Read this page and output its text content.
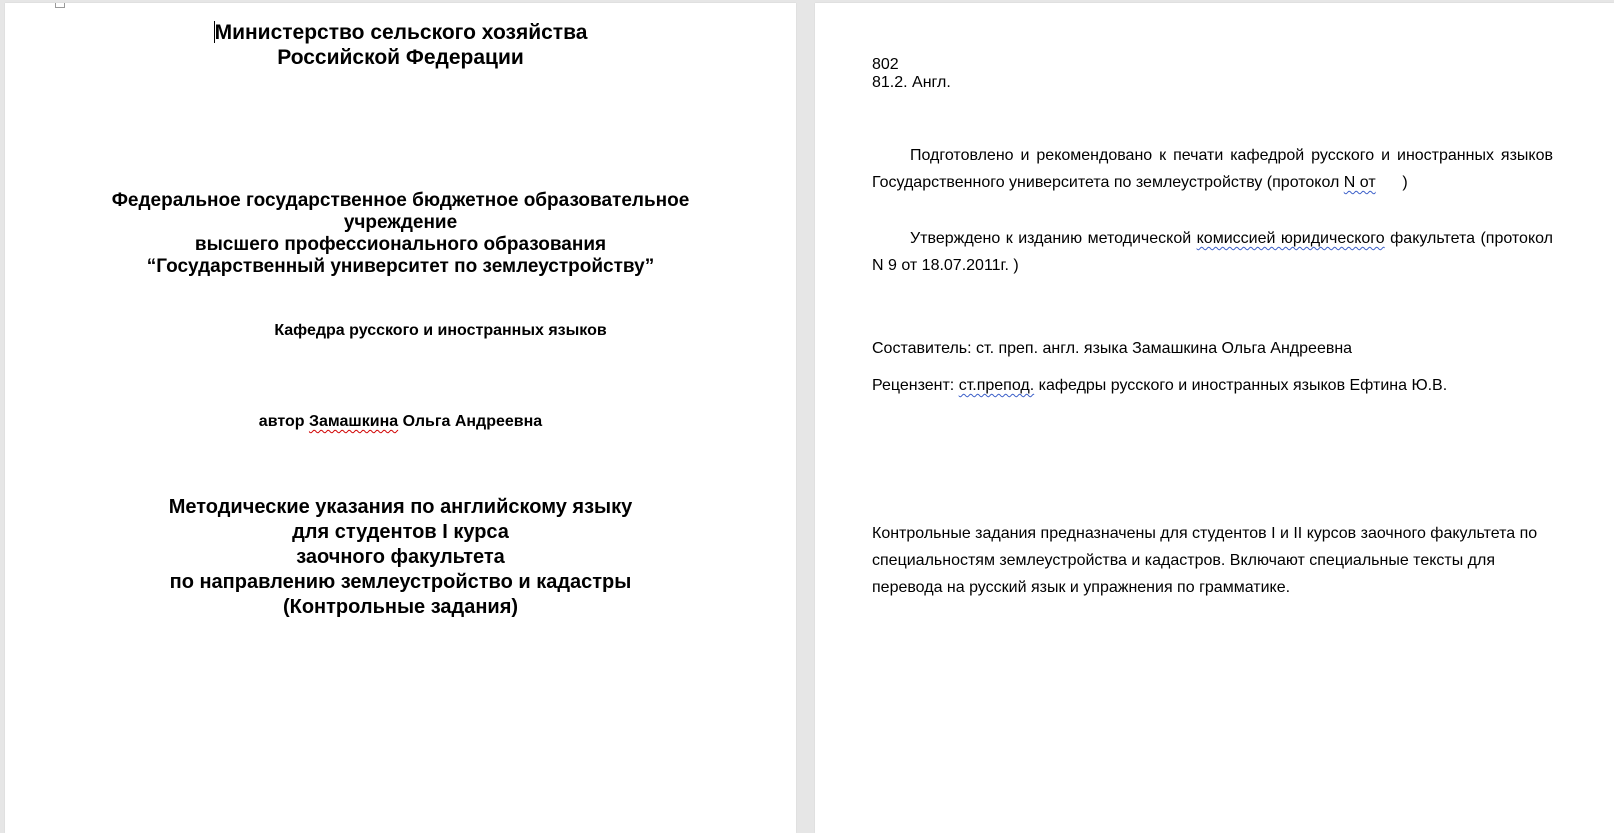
Министерство сельского хозяйства
Российской Федерации
Федеральное государственное бюджетное образовательное
учреждение
высшего профессионального образования
“Государственный университет по землеустройству”
Кафедра русского и иностранных языков
автор Замашкина Ольга Андреевна
Методические указания по английскому языку
для студентов I курса
заочного факультета
по направлению землеустройство и кадастры
(Контрольные задания)
802
81.2. Англ.
Подготовлено и рекомендовано к печати кафедрой русского и иностранных языков Государственного университета по землеустройству (протокол N от      )
Утверждено к изданию методической комиссией юридического факультета (протокол N 9 от 18.07.2011г. )
Составитель: ст. преп. англ. языка Замашкина Ольга Андреевна
Рецензент: ст.препод. кафедры русского и иностранных языков Ефтина Ю.В.
Контрольные задания предназначены для студентов I и II курсов заочного факультета по специальностям землеустройства и кадастров. Включают специальные тексты для перевода на русский язык и упражнения по грамматике.
